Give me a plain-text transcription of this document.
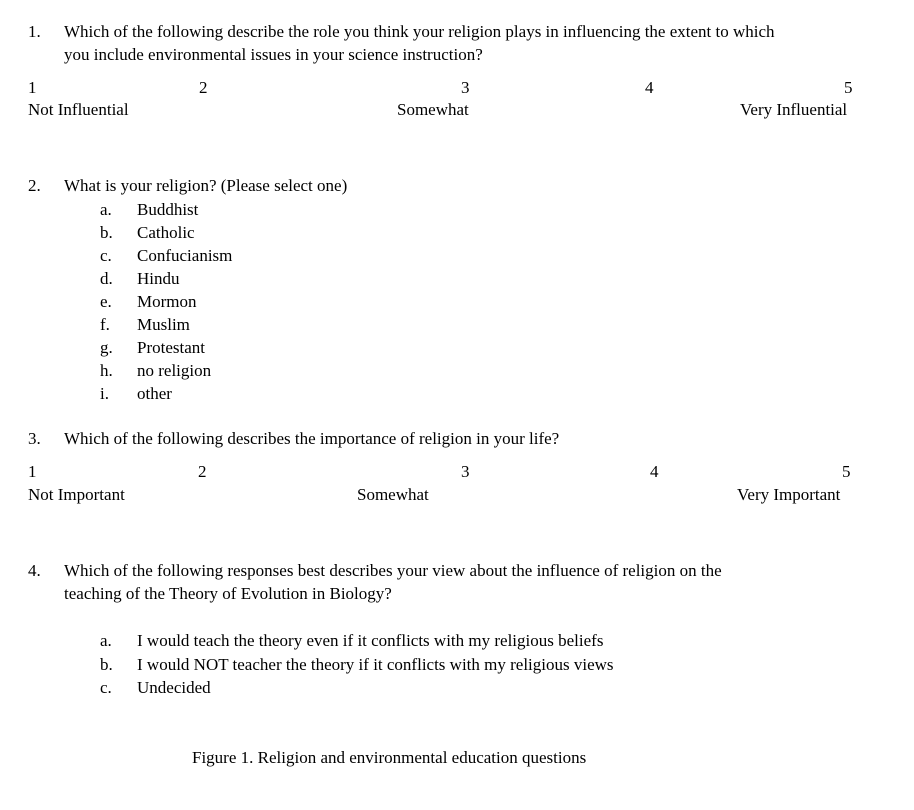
1.	Which of the following describe the role you think your religion plays in influencing the extent to which
you include environmental issues in your science instruction?
1	2	3	4	5
Not Influential	Somewhat	Very Influential
2.	What is your religion? (Please select one)
a.	Buddhist
b.	Catholic
c.	Confucianism
d.	Hindu
e.	Mormon
f.	Muslim
g.	Protestant
h.	no religion
i.	other
3.	Which of the following describes the importance of religion in your life?
1	2	3	4	5
Not Important	Somewhat	Very Important
4.	Which of the following responses best describes your view about the influence of religion on the
teaching of the Theory of Evolution in Biology?
a.	I would teach the theory even if it conflicts with my religious beliefs
b.	I would NOT teacher the theory if it conflicts with my religious views
c.	Undecided
Figure 1. Religion and environmental education questions
